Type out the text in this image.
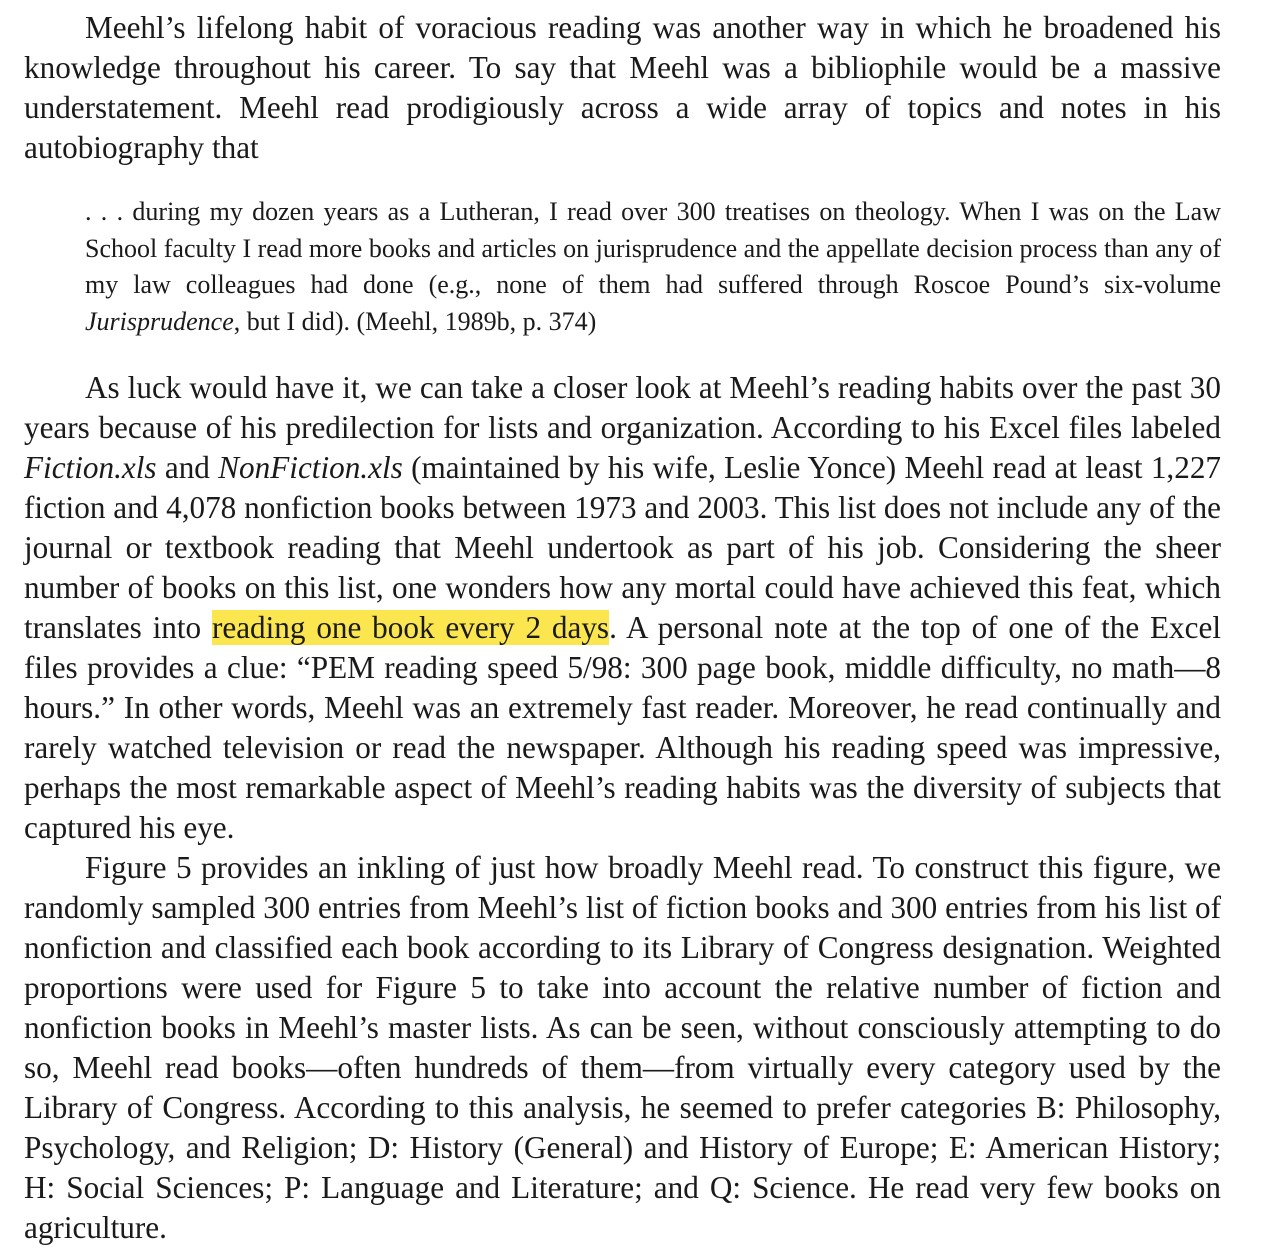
Meehl’s lifelong habit of voracious reading was another way in which he broadened his knowledge throughout his career. To say that Meehl was a bibliophile would be a massive understatement. Meehl read prodigiously across a wide array of topics and notes in his autobiography that

. . . during my dozen years as a Lutheran, I read over 300 treatises on theology. When I was on the Law School faculty I read more books and articles on jurisprudence and the appellate decision process than any of my law colleagues had done (e.g., none of them had suffered through Roscoe Pound’s six-volume Jurisprudence, but I did). (Meehl, 1989b, p. 374)

As luck would have it, we can take a closer look at Meehl’s reading habits over the past 30 years because of his predilection for lists and organization. According to his Excel files labeled Fiction.xls and NonFiction.xls (maintained by his wife, Leslie Yonce) Meehl read at least 1,227 fiction and 4,078 nonfiction books between 1973 and 2003. This list does not include any of the journal or textbook reading that Meehl undertook as part of his job. Considering the sheer number of books on this list, one wonders how any mortal could have achieved this feat, which translates into reading one book every 2 days. A personal note at the top of one of the Excel files provides a clue: “PEM reading speed 5/98: 300 page book, middle difficulty, no math—8 hours.” In other words, Meehl was an extremely fast reader. Moreover, he read continually and rarely watched television or read the newspaper. Although his reading speed was impressive, perhaps the most remarkable aspect of Meehl’s reading habits was the diversity of subjects that captured his eye.

Figure 5 provides an inkling of just how broadly Meehl read. To construct this figure, we randomly sampled 300 entries from Meehl’s list of fiction books and 300 entries from his list of nonfiction and classified each book according to its Library of Congress designation. Weighted proportions were used for Figure 5 to take into account the relative number of fiction and nonfiction books in Meehl’s master lists. As can be seen, without consciously attempting to do so, Meehl read books—often hundreds of them—from virtually every category used by the Library of Congress. According to this analysis, he seemed to prefer categories B: Philosophy, Psychology, and Religion; D: History (General) and History of Europe; E: American History; H: Social Sciences; P: Language and Literature; and Q: Science. He read very few books on agriculture.
